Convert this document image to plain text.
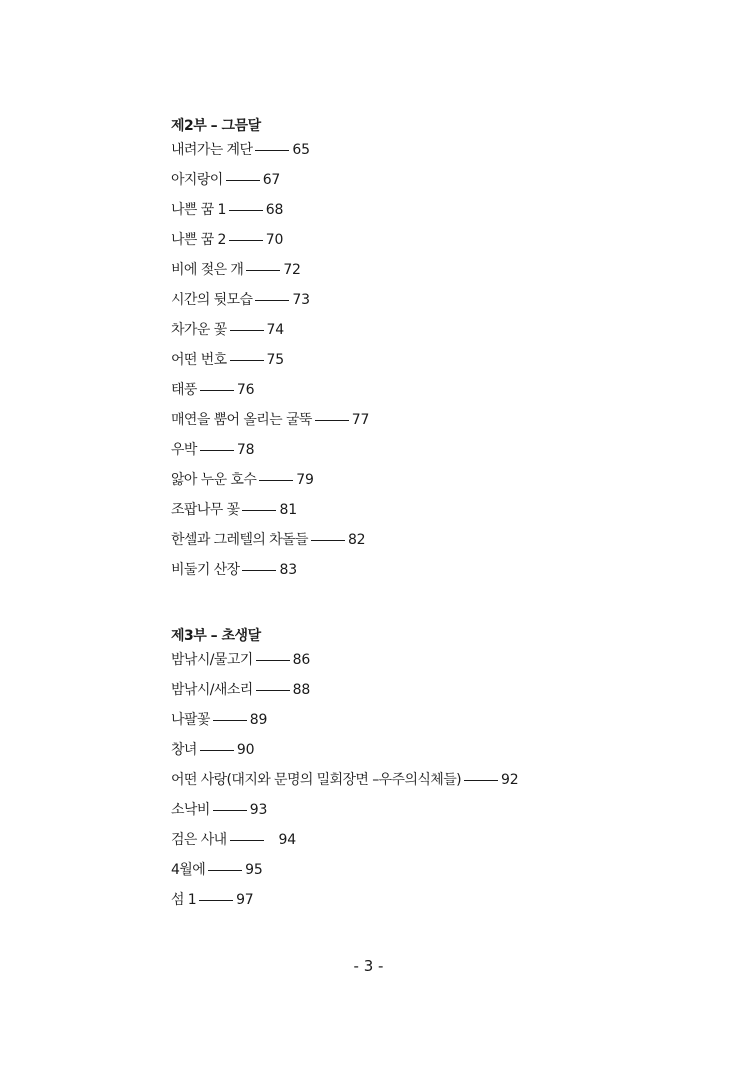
제2부 – 그믐달
내려가는 계단	65
아지랑이	67
나쁜 꿈 1	68
나쁜 꿈 2	70
비에 젖은 개	72
시간의 뒷모습	73
차가운 꽃	74
어떤 번호	75
태풍	76
매연을 뿜어 올리는 굴뚝	77
우박	78
앓아 누운 호수	79
조팝나무 꽃	81
한셀과 그레텔의 차돌들	82
비둘기 산장	83
제3부 – 초생달
밤낚시/물고기	86
밤낚시/새소리	88
나팔꽃	89
창녀	90
어떤 사랑(대지와 문명의 밀회장면 –우주의식체들)	92
소낙비	93
검은 사내	94
4월에	95
섬 1	97
- 3 -
